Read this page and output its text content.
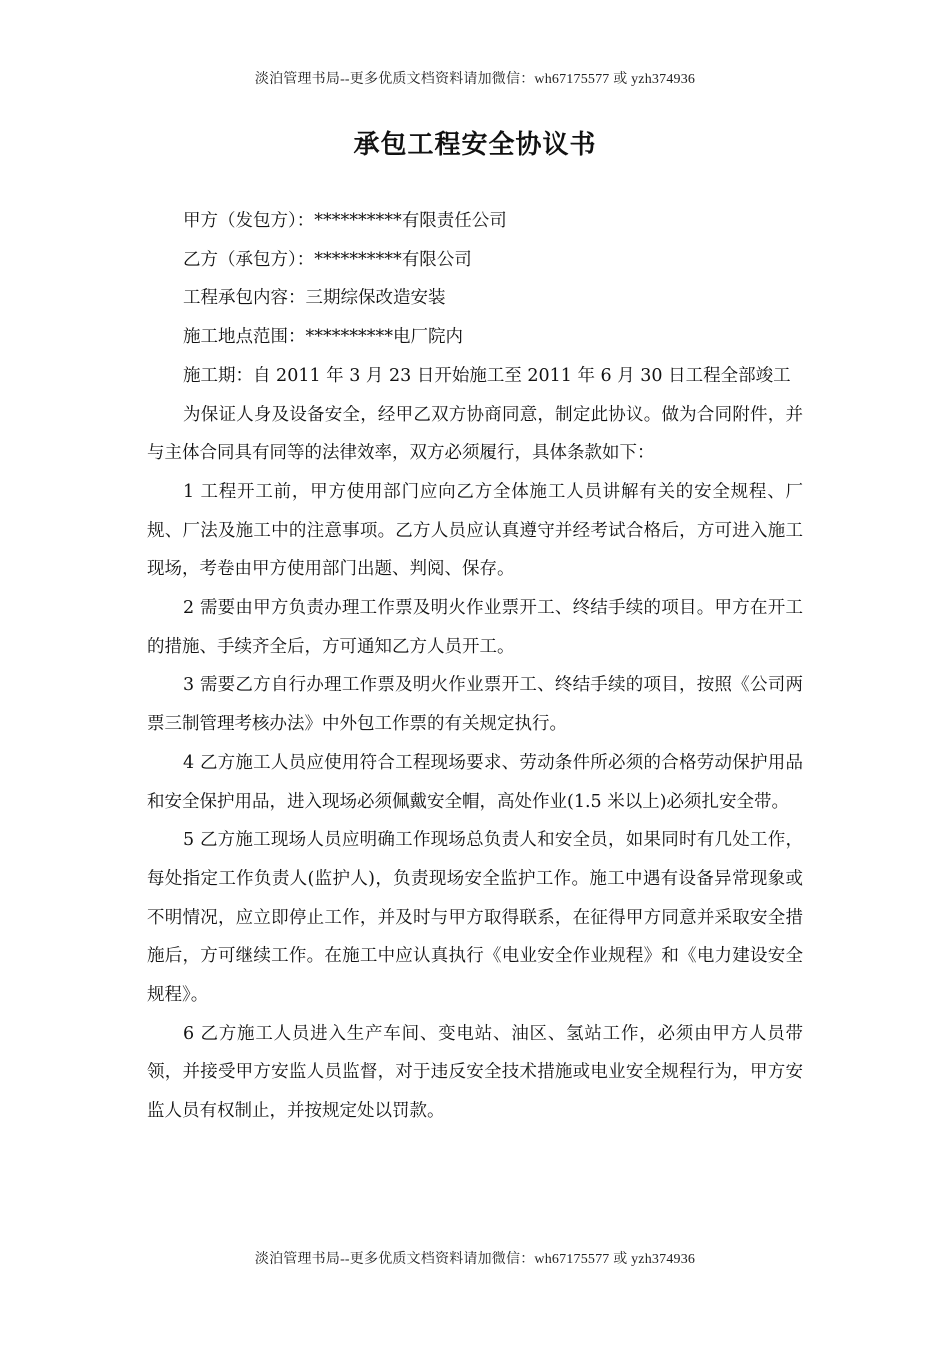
淡泊管理书局--更多优质文档资料请加微信：wh67175577 或 yzh374936
承包工程安全协议书

甲方（发包方）：**********有限责任公司

乙方（承包方）：**********有限公司

工程承包内容：三期综保改造安装

施工地点范围：**********电厂院内

施工期：自 2011 年 3 月 23 日开始施工至 2011 年 6 月 30 日工程全部竣工

为保证人身及设备安全，经甲乙双方协商同意，制定此协议。做为合同附件，并与主体合同具有同等的法律效率，双方必须履行，具体条款如下：

1 工程开工前，甲方使用部门应向乙方全体施工人员讲解有关的安全规程、厂规、厂法及施工中的注意事项。乙方人员应认真遵守并经考试合格后，方可进入施工现场，考卷由甲方使用部门出题、判阅、保存。

2 需要由甲方负责办理工作票及明火作业票开工、终结手续的项目。甲方在开工的措施、手续齐全后，方可通知乙方人员开工。

3 需要乙方自行办理工作票及明火作业票开工、终结手续的项目，按照《公司两票三制管理考核办法》中外包工作票的有关规定执行。

4 乙方施工人员应使用符合工程现场要求、劳动条件所必须的合格劳动保护用品和安全保护用品，进入现场必须佩戴安全帽，高处作业(1.5 米以上)必须扎安全带。

5 乙方施工现场人员应明确工作现场总负责人和安全员，如果同时有几处工作，每处指定工作负责人(监护人)，负责现场安全监护工作。施工中遇有设备异常现象或不明情况，应立即停止工作，并及时与甲方取得联系，在征得甲方同意并采取安全措施后，方可继续工作。在施工中应认真执行《电业安全作业规程》和《电力建设安全规程》。

6 乙方施工人员进入生产车间、变电站、油区、氢站工作，必须由甲方人员带领，并接受甲方安监人员监督，对于违反安全技术措施或电业安全规程行为，甲方安监人员有权制止，并按规定处以罚款。

淡泊管理书局--更多优质文档资料请加微信：wh67175577 或 yzh374936
